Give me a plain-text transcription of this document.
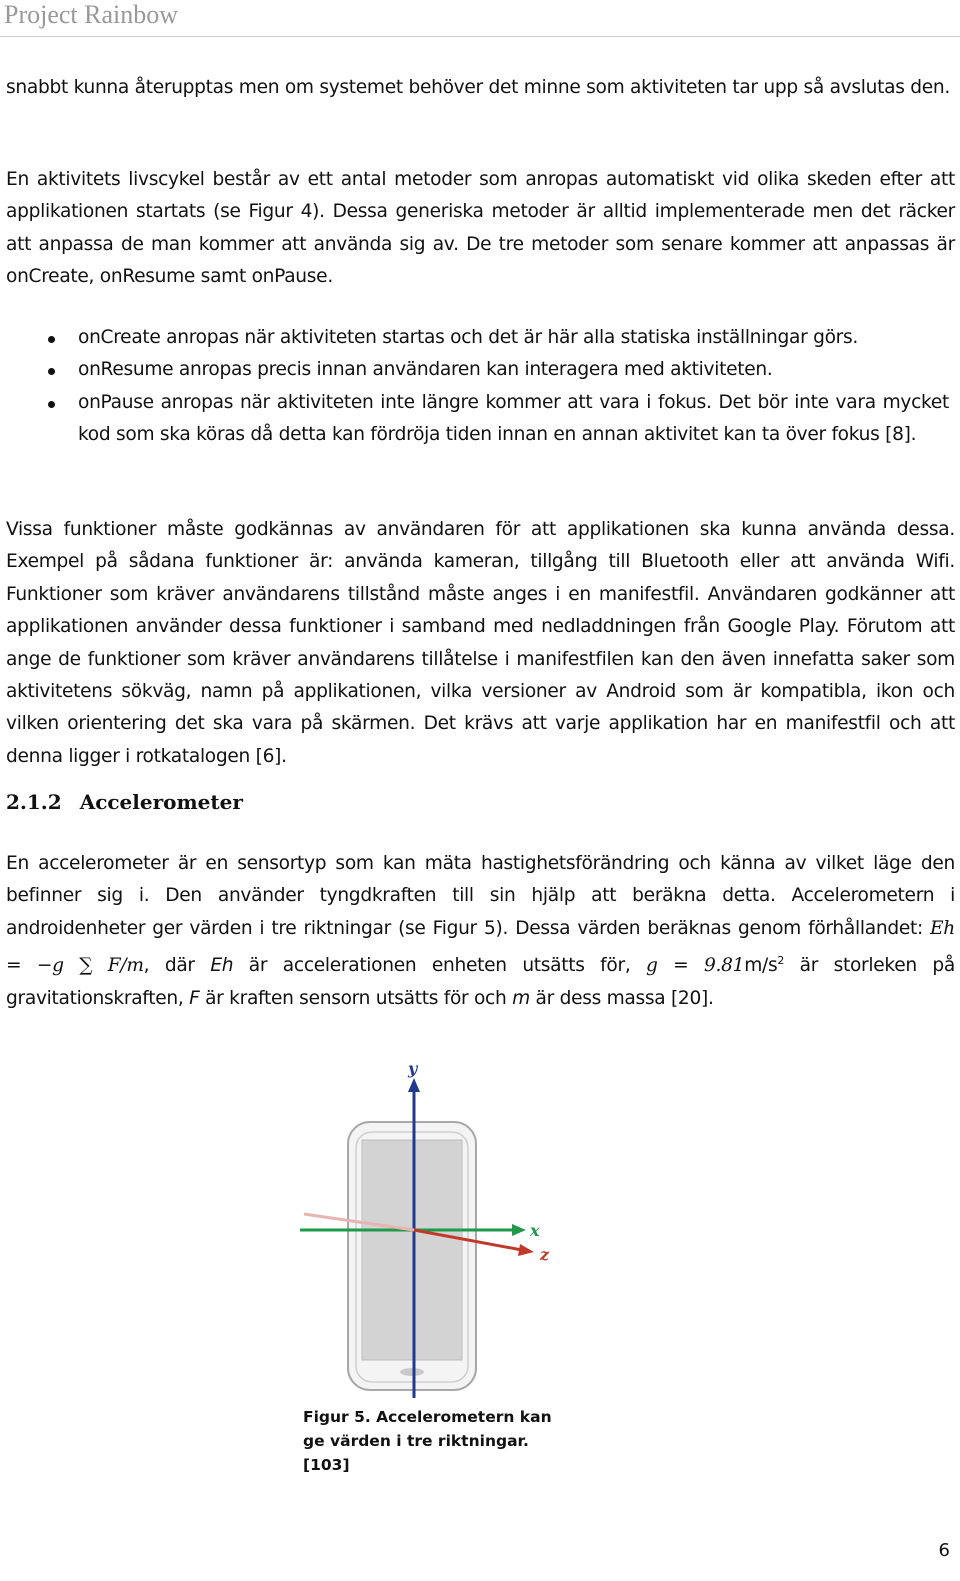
Project Rainbow

snabbt kunna återupptas men om systemet behöver det minne som aktiviteten tar upp så avslutas den.

En aktivitets livscykel består av ett antal metoder som anropas automatiskt vid olika skeden efter att applikationen startats (se Figur 4). Dessa generiska metoder är alltid implementerade men det räcker att anpassa de man kommer att använda sig av. De tre metoder som senare kommer att anpassas är onCreate, onResume samt onPause.

onCreate anropas när aktiviteten startas och det är här alla statiska inställningar görs.
onResume anropas precis innan användaren kan interagera med aktiviteten.
onPause anropas när aktiviteten inte längre kommer att vara i fokus. Det bör inte vara mycket kod som ska köras då detta kan fördröja tiden innan en annan aktivitet kan ta över fokus [8].

Vissa funktioner måste godkännas av användaren för att applikationen ska kunna använda dessa. Exempel på sådana funktioner är: använda kameran, tillgång till Bluetooth eller att använda Wifi. Funktioner som kräver användarens tillstånd måste anges i en manifestfil. Användaren godkänner att applikationen använder dessa funktioner i samband med nedladdningen från Google Play. Förutom att ange de funktioner som kräver användarens tillåtelse i manifestfilen kan den även innefatta saker som aktivitetens sökväg, namn på applikationen, vilka versioner av Android som är kompatibla, ikon och vilken orientering det ska vara på skärmen. Det krävs att varje applikation har en manifestfil och att denna ligger i rotkatalogen [6].

2.1.2 Accelerometer

En accelerometer är en sensortyp som kan mäta hastighetsförändring och känna av vilket läge den befinner sig i. Den använder tyngdkraften till sin hjälp att beräkna detta. Accelerometern i androidenheter ger värden i tre riktningar (se Figur 5). Dessa värden beräknas genom förhållandet: Eh = −g ∑ F/m, där Eh är accelerationen enheten utsätts för, $g = 9.81m/s^2$ är storleken på gravitationskraften, F är kraften sensorn utsätts för och m är dess massa [20].

y
x
z
Figur 5. Accelerometern kan ge värden i tre riktningar. [103]
6
